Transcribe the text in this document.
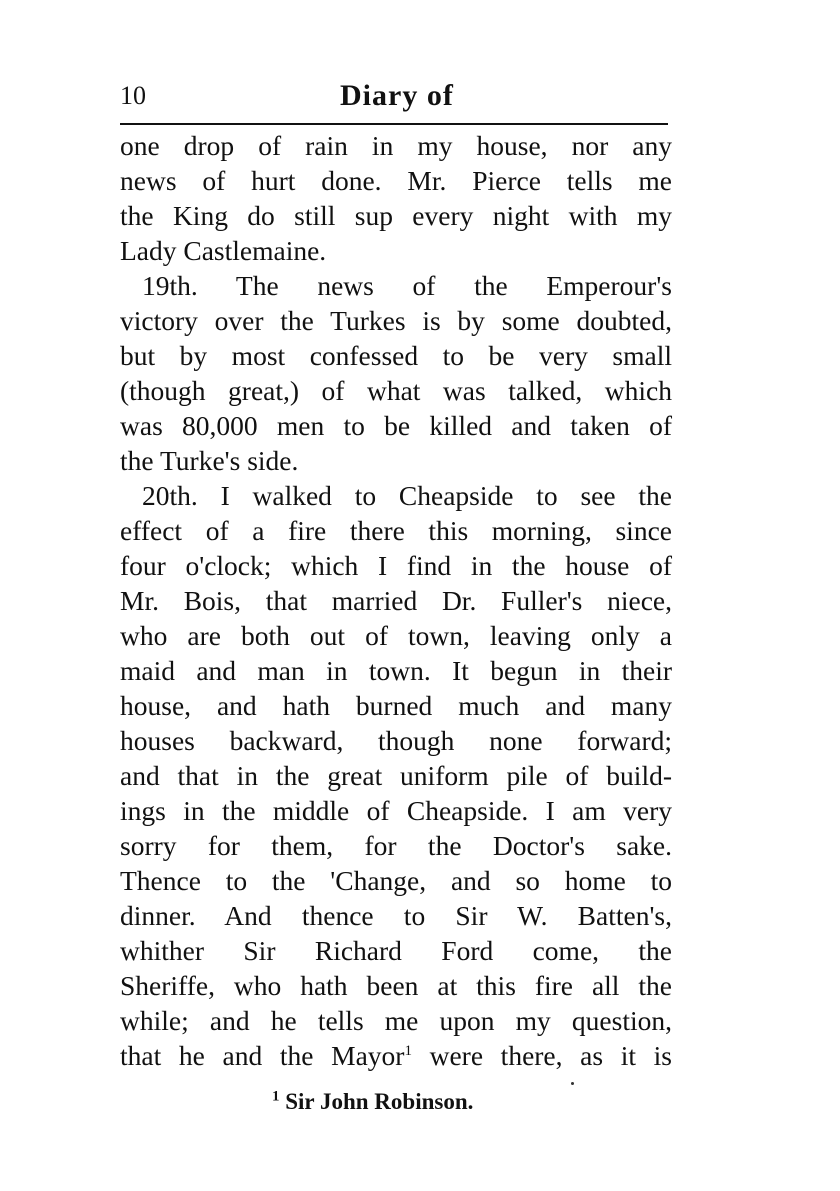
10	Diary of
one drop of rain in my house, nor any
news of hurt done. Mr. Pierce tells me
the King do still sup every night with my
Lady Castlemaine.
19th. The news of the Emperour's
victory over the Turkes is by some doubted,
but by most confessed to be very small
(though great,) of what was talked, which
was 80,000 men to be killed and taken of
the Turke's side.
20th. I walked to Cheapside to see the
effect of a fire there this morning, since
four o'clock; which I find in the house of
Mr. Bois, that married Dr. Fuller's niece,
who are both out of town, leaving only a
maid and man in town. It begun in their
house, and hath burned much and many
houses backward, though none forward;
and that in the great uniform pile of build-
ings in the middle of Cheapside. I am very
sorry for them, for the Doctor's sake.
Thence to the 'Change, and so home to
dinner. And thence to Sir W. Batten's,
whither Sir Richard Ford come, the
Sheriffe, who hath been at this fire all the
while; and he tells me upon my question,
that he and the Mayor$^1$ were there, as it is
$^1$ Sir John Robinson.
